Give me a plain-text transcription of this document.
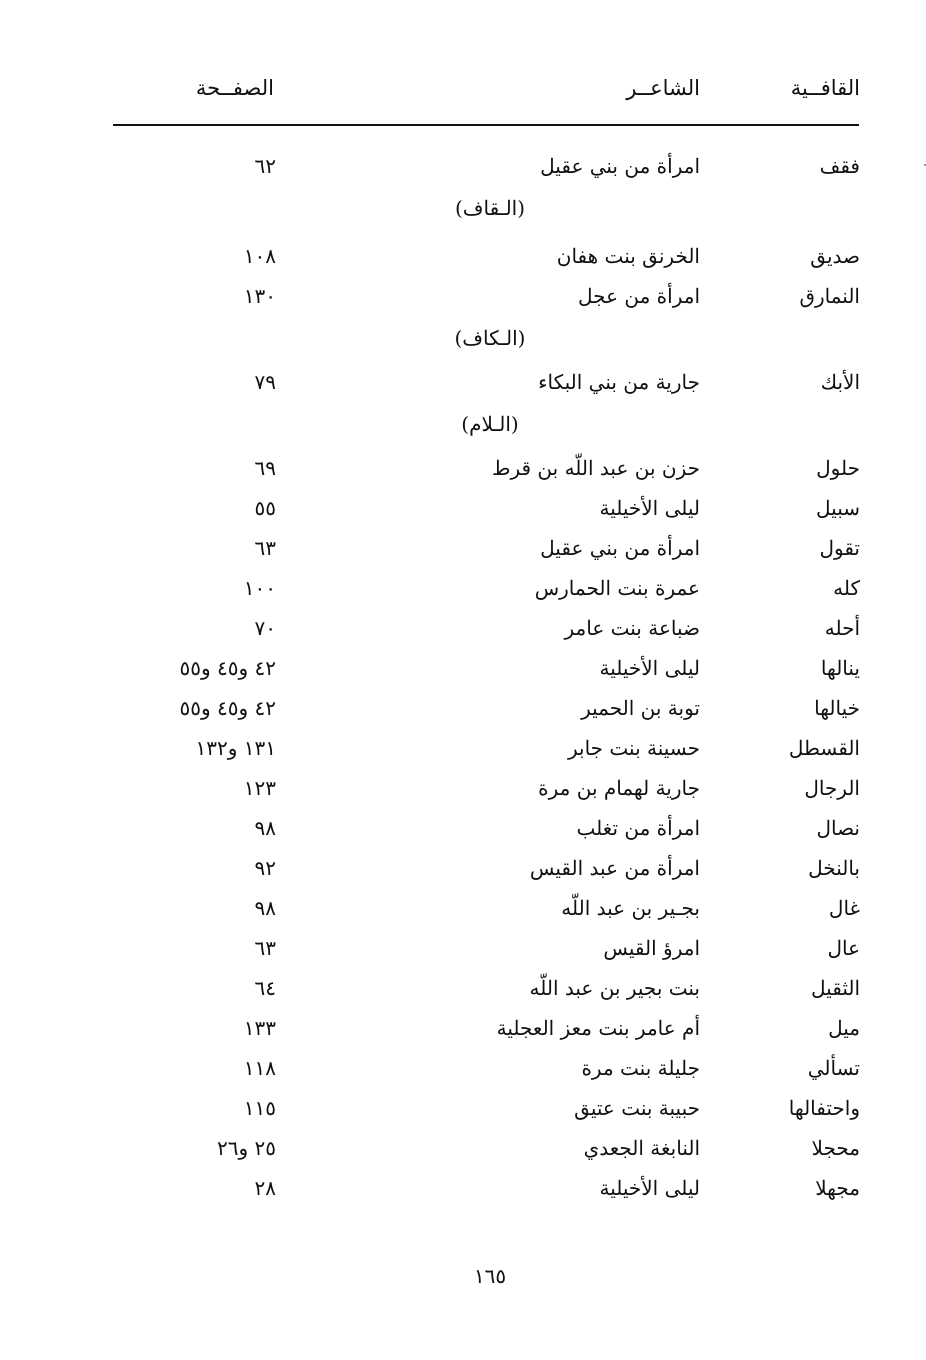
القافــية
الشاعــر
الصفــحة
فقف
امرأة من بني عقيل
٦٢
(الـقاف)
صديق
الخرنق بنت هفان
١٠٨
النمارق
امرأة من عجل
١٣٠
(الـكاف)
الأبك
جارية من بني البكاء
٧٩
(الـلام)
حلول
حزن بن عبد اللّه بن قرط
٦٩
سبيل
ليلى الأخيلية
٥٥
تقول
امرأة من بني عقيل
٦٣
كله
عمرة بنت الحمارس
١٠٠
أحله
ضباعة بنت عامر
٧٠
ينالها
ليلى الأخيلية
٤٢ و٤٥ و٥٥
خيالها
توبة بن الحمير
٤٢ و٤٥ و٥٥
القسطل
حسينة بنت جابر
١٣١ و١٣٢
الرجال
جارية لهمام بن مرة
١٢٣
نصال
امرأة من تغلب
٩٨
بالنخل
امرأة من عبد القيس
٩٢
غال
بجـير بن عبد اللّه
٩٨
عال
امرؤ القيس
٦٣
الثقيل
بنت بجير بن عبد اللّه
٦٤
ميل
أم عامر بنت معز العجلية
١٣٣
تسألي
جليلة بنت مرة
١١٨
واحتفالها
حبيبة بنت عتيق
١١٥
محجلا
النابغة الجعدي
٢٥ و٢٦
مجهلا
ليلى الأخيلية
٢٨
١٦٥
